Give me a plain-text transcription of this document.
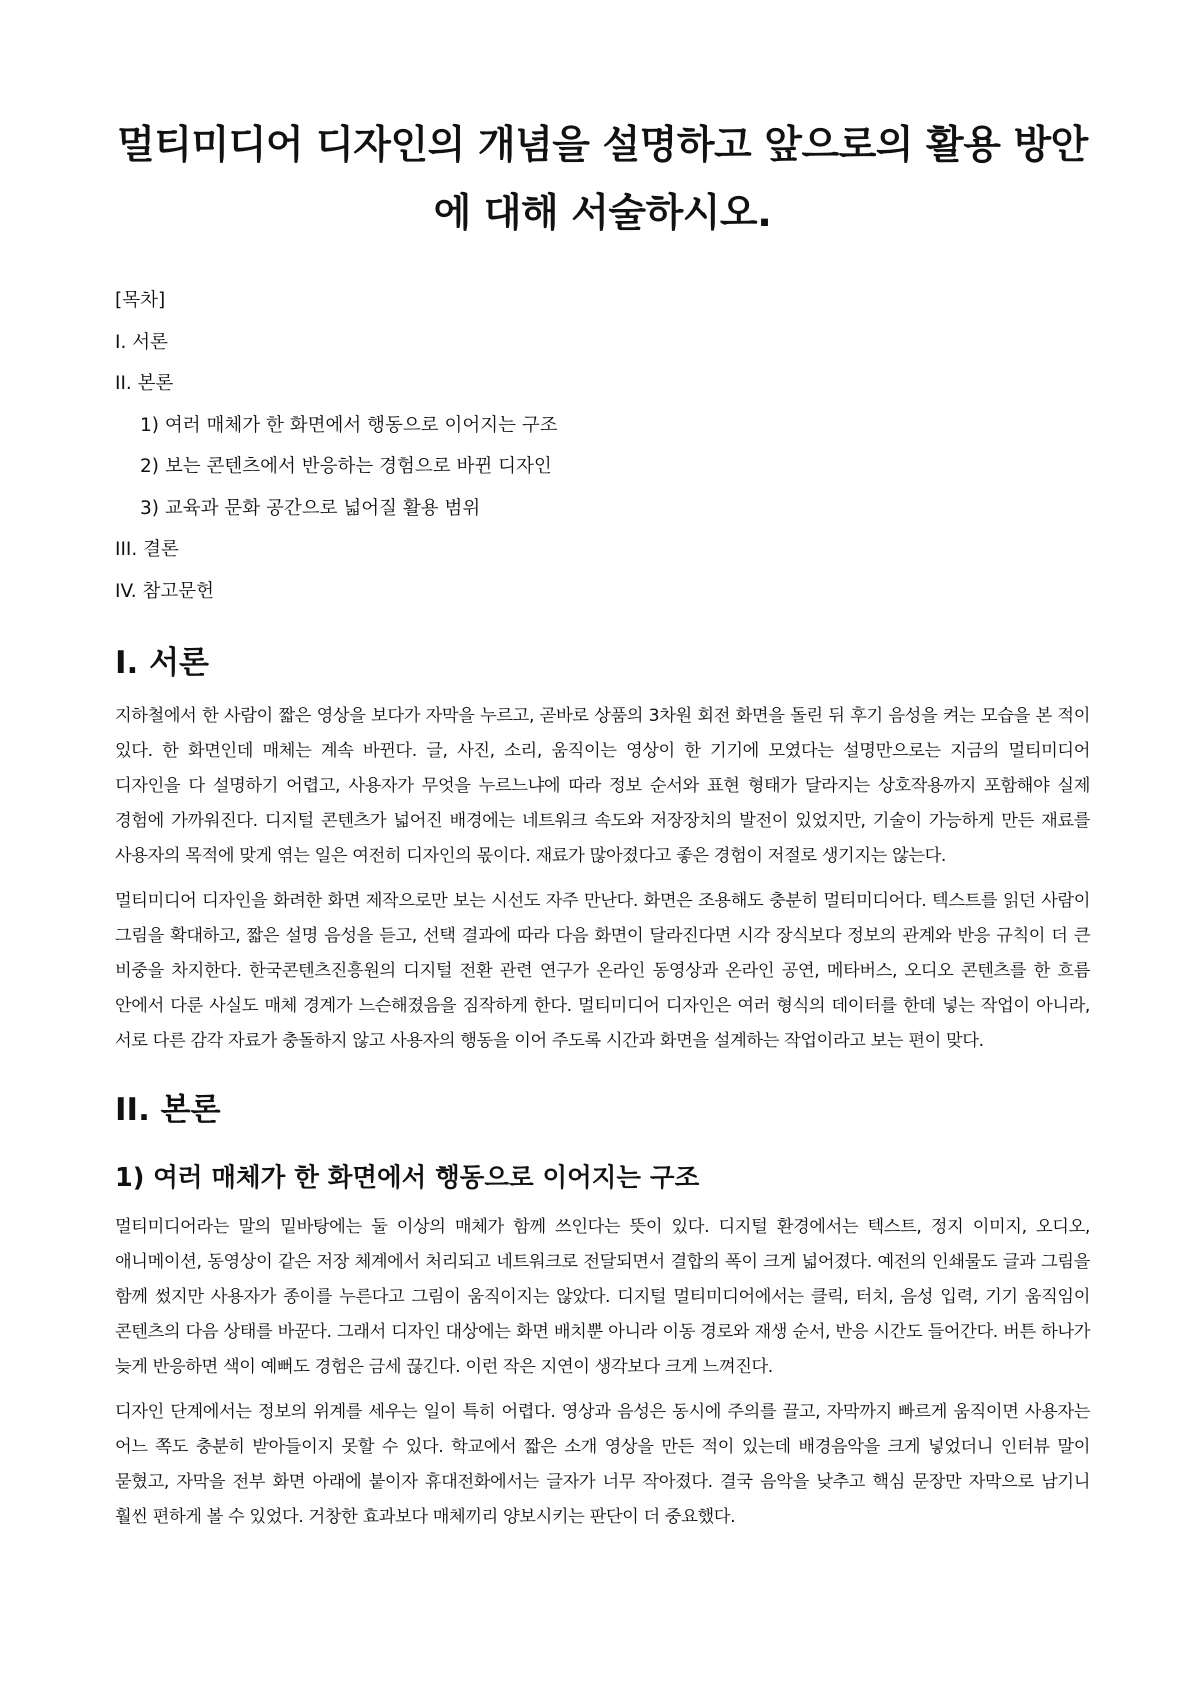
멀티미디어 디자인의 개념을 설명하고 앞으로의 활용 방안에 대해 서술하시오.

[목차]

I. 서론

II. 본론

1) 여러 매체가 한 화면에서 행동으로 이어지는 구조

2) 보는 콘텐츠에서 반응하는 경험으로 바뀐 디자인

3) 교육과 문화 공간으로 넓어질 활용 범위

III. 결론

IV. 참고문헌

I. 서론

지하철에서 한 사람이 짧은 영상을 보다가 자막을 누르고, 곧바로 상품의 3차원 회전 화면을 돌린 뒤 후기 음성을 켜는 모습을 본 적이 있다. 한 화면인데 매체는 계속 바뀐다. 글, 사진, 소리, 움직이는 영상이 한 기기에 모였다는 설명만으로는 지금의 멀티미디어 디자인을 다 설명하기 어렵고, 사용자가 무엇을 누르느냐에 따라 정보 순서와 표현 형태가 달라지는 상호작용까지 포함해야 실제 경험에 가까워진다. 디지털 콘텐츠가 넓어진 배경에는 네트워크 속도와 저장장치의 발전이 있었지만, 기술이 가능하게 만든 재료를 사용자의 목적에 맞게 엮는 일은 여전히 디자인의 몫이다. 재료가 많아졌다고 좋은 경험이 저절로 생기지는 않는다.

멀티미디어 디자인을 화려한 화면 제작으로만 보는 시선도 자주 만난다. 화면은 조용해도 충분히 멀티미디어다. 텍스트를 읽던 사람이 그림을 확대하고, 짧은 설명 음성을 듣고, 선택 결과에 따라 다음 화면이 달라진다면 시각 장식보다 정보의 관계와 반응 규칙이 더 큰 비중을 차지한다. 한국콘텐츠진흥원의 디지털 전환 관련 연구가 온라인 동영상과 온라인 공연, 메타버스, 오디오 콘텐츠를 한 흐름 안에서 다룬 사실도 매체 경계가 느슨해졌음을 짐작하게 한다. 멀티미디어 디자인은 여러 형식의 데이터를 한데 넣는 작업이 아니라, 서로 다른 감각 자료가 충돌하지 않고 사용자의 행동을 이어 주도록 시간과 화면을 설계하는 작업이라고 보는 편이 맞다.

II. 본론
1) 여러 매체가 한 화면에서 행동으로 이어지는 구조

멀티미디어라는 말의 밑바탕에는 둘 이상의 매체가 함께 쓰인다는 뜻이 있다. 디지털 환경에서는 텍스트, 정지 이미지, 오디오, 애니메이션, 동영상이 같은 저장 체계에서 처리되고 네트워크로 전달되면서 결합의 폭이 크게 넓어졌다. 예전의 인쇄물도 글과 그림을 함께 썼지만 사용자가 종이를 누른다고 그림이 움직이지는 않았다. 디지털 멀티미디어에서는 클릭, 터치, 음성 입력, 기기 움직임이 콘텐츠의 다음 상태를 바꾼다. 그래서 디자인 대상에는 화면 배치뿐 아니라 이동 경로와 재생 순서, 반응 시간도 들어간다. 버튼 하나가 늦게 반응하면 색이 예뻐도 경험은 금세 끊긴다. 이런 작은 지연이 생각보다 크게 느껴진다.

디자인 단계에서는 정보의 위계를 세우는 일이 특히 어렵다. 영상과 음성은 동시에 주의를 끌고, 자막까지 빠르게 움직이면 사용자는 어느 쪽도 충분히 받아들이지 못할 수 있다. 학교에서 짧은 소개 영상을 만든 적이 있는데 배경음악을 크게 넣었더니 인터뷰 말이 묻혔고, 자막을 전부 화면 아래에 붙이자 휴대전화에서는 글자가 너무 작아졌다. 결국 음악을 낮추고 핵심 문장만 자막으로 남기니 훨씬 편하게 볼 수 있었다. 거창한 효과보다 매체끼리 양보시키는 판단이 더 중요했다.
